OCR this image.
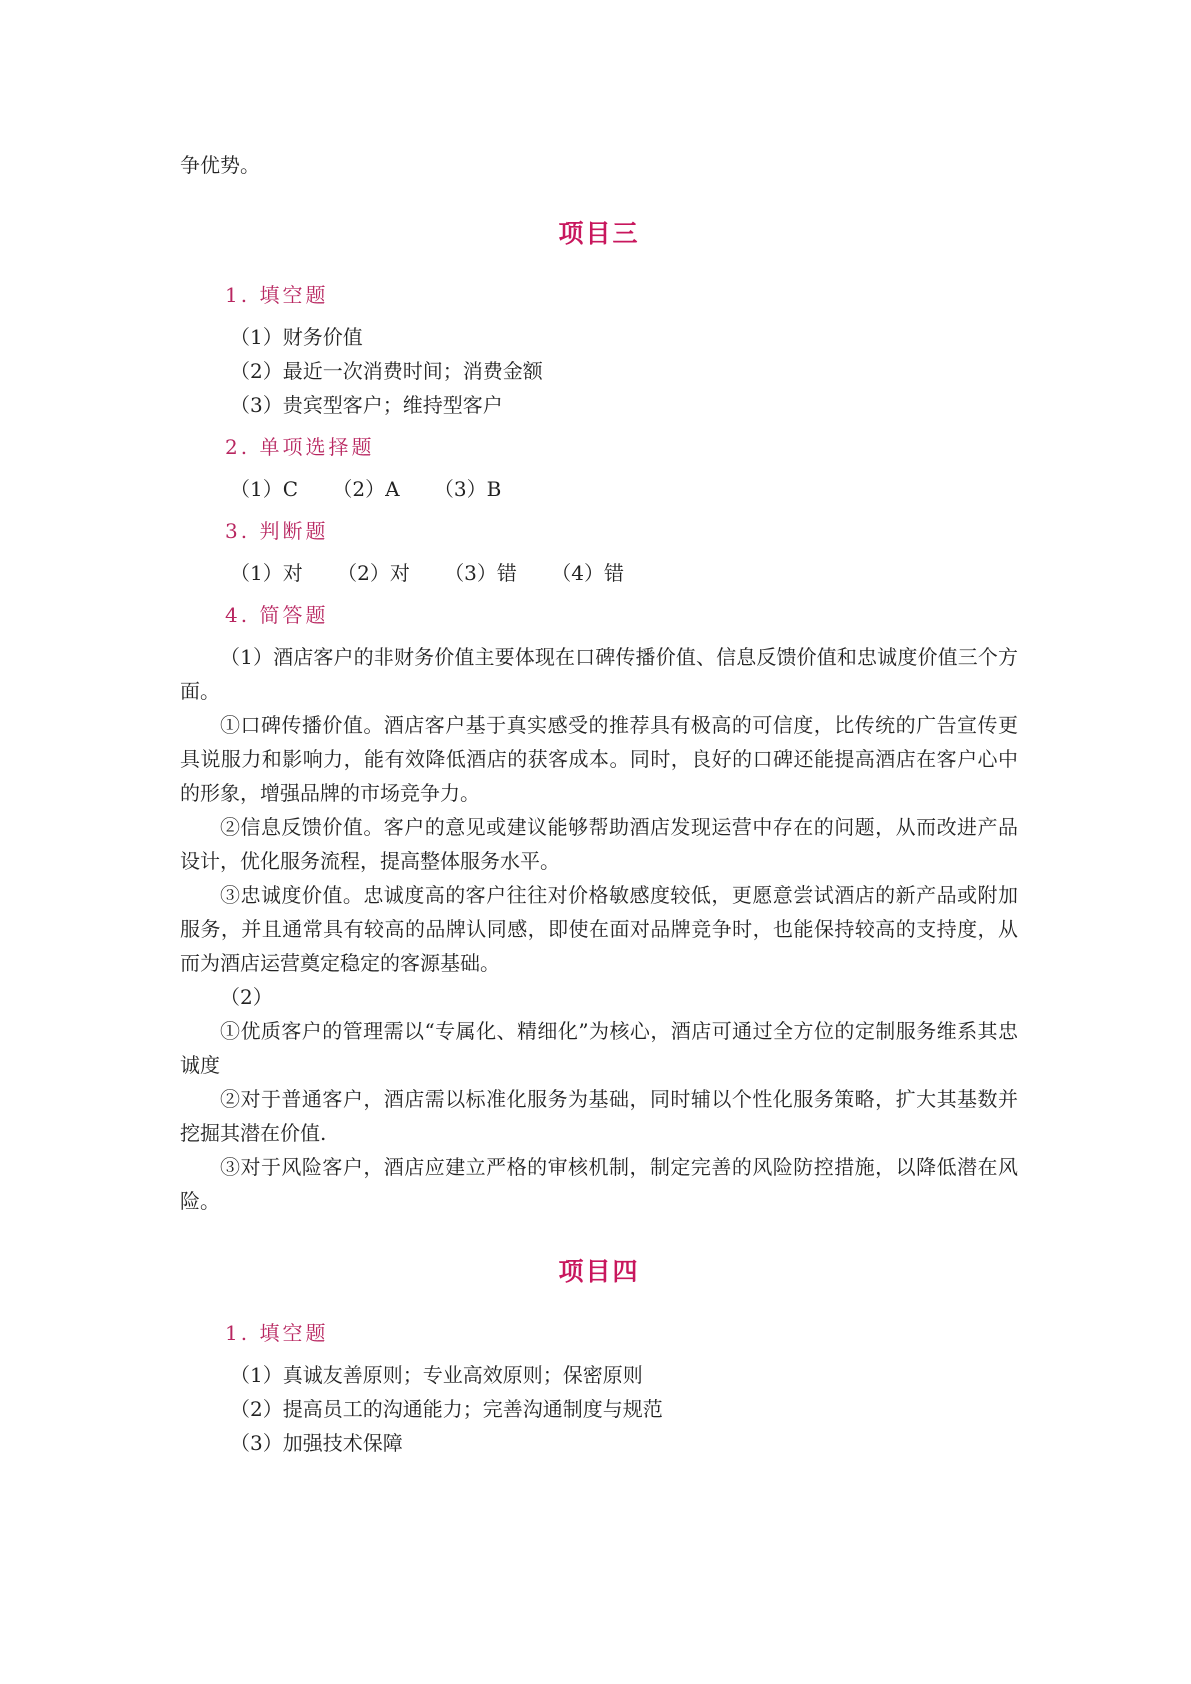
争优势。

项目三

1. 填空题

（1）财务价值

（2）最近一次消费时间；消费金额

（3）贵宾型客户；维持型客户

2. 单项选择题

（1）C （2）A （3）B

3. 判断题

（1）对 （2）对 （3）错 （4）错

4. 简答题

（1）酒店客户的非财务价值主要体现在口碑传播价值、信息反馈价值和忠诚度价值三个方面。

①口碑传播价值。酒店客户基于真实感受的推荐具有极高的可信度，比传统的广告宣传更具说服力和影响力，能有效降低酒店的获客成本。同时，良好的口碑还能提高酒店在客户心中的形象，增强品牌的市场竞争力。

②信息反馈价值。客户的意见或建议能够帮助酒店发现运营中存在的问题，从而改进产品设计，优化服务流程，提高整体服务水平。

③忠诚度价值。忠诚度高的客户往往对价格敏感度较低，更愿意尝试酒店的新产品或附加服务，并且通常具有较高的品牌认同感，即使在面对品牌竞争时，也能保持较高的支持度，从而为酒店运营奠定稳定的客源基础。

（2）

①优质客户的管理需以“专属化、精细化”为核心，酒店可通过全方位的定制服务维系其忠诚度

②对于普通客户，酒店需以标准化服务为基础，同时辅以个性化服务策略，扩大其基数并挖掘其潜在价值.

③对于风险客户，酒店应建立严格的审核机制，制定完善的风险防控措施，以降低潜在风险。

项目四

1. 填空题

（1）真诚友善原则；专业高效原则；保密原则

（2）提高员工的沟通能力；完善沟通制度与规范

（3）加强技术保障
